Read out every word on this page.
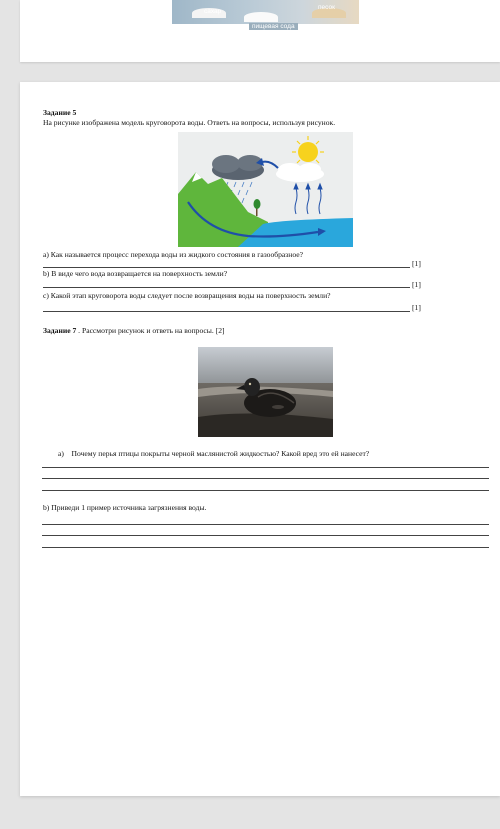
сахар
песок
пищевая сода
Задание 5
На рисунке изображена модель круговорота воды. Ответь на вопросы, используя рисунок.
а) Как называется процесс перехода воды из жидкого состояния в газообразное?
[1]
b) В виде чего вода возвращается на поверхность земли?
[1]
c) Какой этап круговорота воды следует после возвращения воды на поверхность земли?
[1]
Задание 7 . Рассмотри рисунок и ответь на вопросы. [2]
а) Почему перья птицы покрыты черной маслянистой жидкостью? Какой вред это ей нанесет?
b) Приведи 1 пример источника загрязнения воды.
